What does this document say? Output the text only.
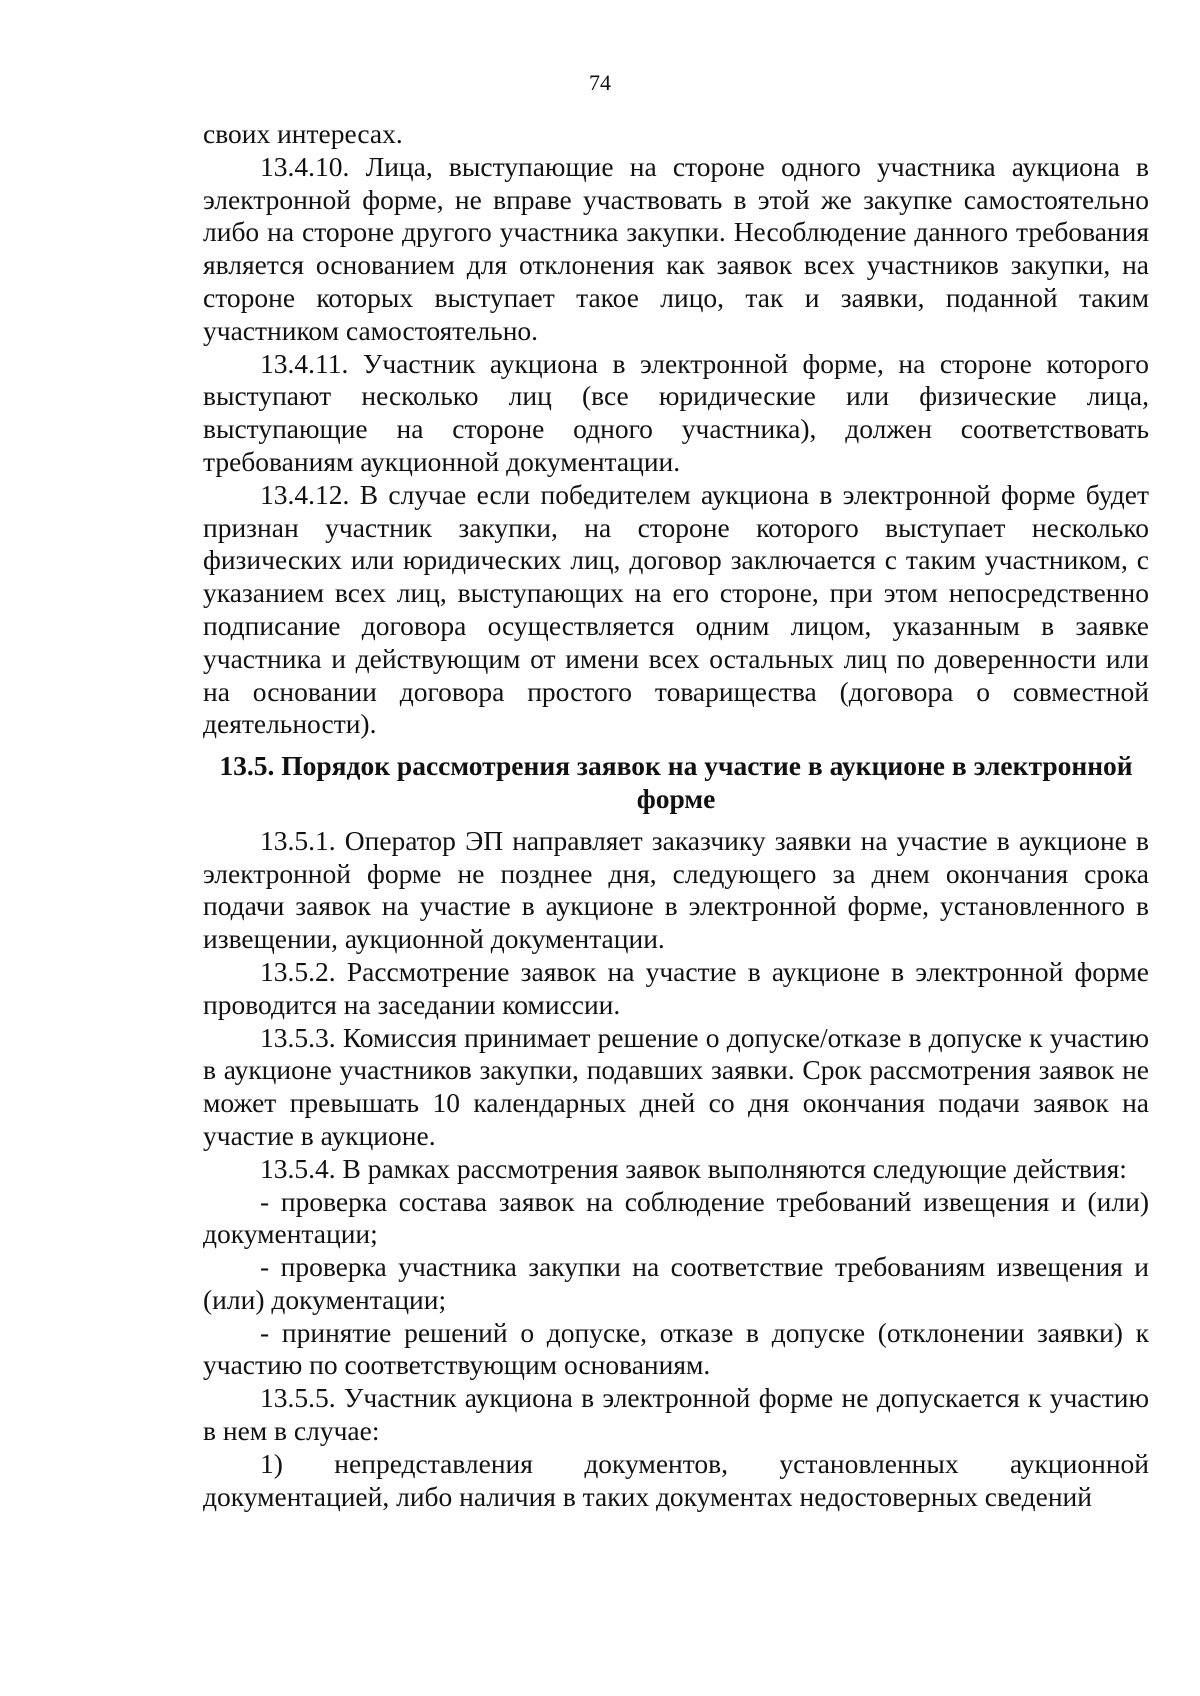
74

своих интересах.

13.4.10. Лица, выступающие на стороне одного участника аукциона в электронной форме, не вправе участвовать в этой же закупке самостоятельно либо на стороне другого участника закупки. Несоблюдение данного требования является основанием для отклонения как заявок всех участников закупки, на стороне которых выступает такое лицо, так и заявки, поданной таким участником самостоятельно.

13.4.11. Участник аукциона в электронной форме, на стороне которого выступают несколько лиц (все юридические или физические лица, выступающие на стороне одного участника), должен соответствовать требованиям аукционной документации.

13.4.12. В случае если победителем аукциона в электронной форме будет признан участник закупки, на стороне которого выступает несколько физических или юридических лиц, договор заключается с таким участником, с указанием всех лиц, выступающих на его стороне, при этом непосредственно подписание договора осуществляется одним лицом, указанным в заявке участника и действующим от имени всех остальных лиц по доверенности или на основании договора простого товарищества (договора о совместной деятельности).

13.5. Порядок рассмотрения заявок на участие в аукционе в электронной форме

13.5.1. Оператор ЭП направляет заказчику заявки на участие в аукционе в электронной форме не позднее дня, следующего за днем окончания срока подачи заявок на участие в аукционе в электронной форме, установленного в извещении, аукционной документации.

13.5.2. Рассмотрение заявок на участие в аукционе в электронной форме проводится на заседании комиссии.

13.5.3. Комиссия принимает решение о допуске/отказе в допуске к участию в аукционе участников закупки, подавших заявки. Срок рассмотрения заявок не может превышать 10 календарных дней со дня окончания подачи заявок на участие в аукционе.

13.5.4. В рамках рассмотрения заявок выполняются следующие действия:

- проверка состава заявок на соблюдение требований извещения и (или) документации;

- проверка участника закупки на соответствие требованиям извещения и (или) документации;

- принятие решений о допуске, отказе в допуске (отклонении заявки) к участию по соответствующим основаниям.

13.5.5. Участник аукциона в электронной форме не допускается к участию в нем в случае:

1) непредставления документов, установленных аукционной документацией, либо наличия в таких документах недостоверных сведений
